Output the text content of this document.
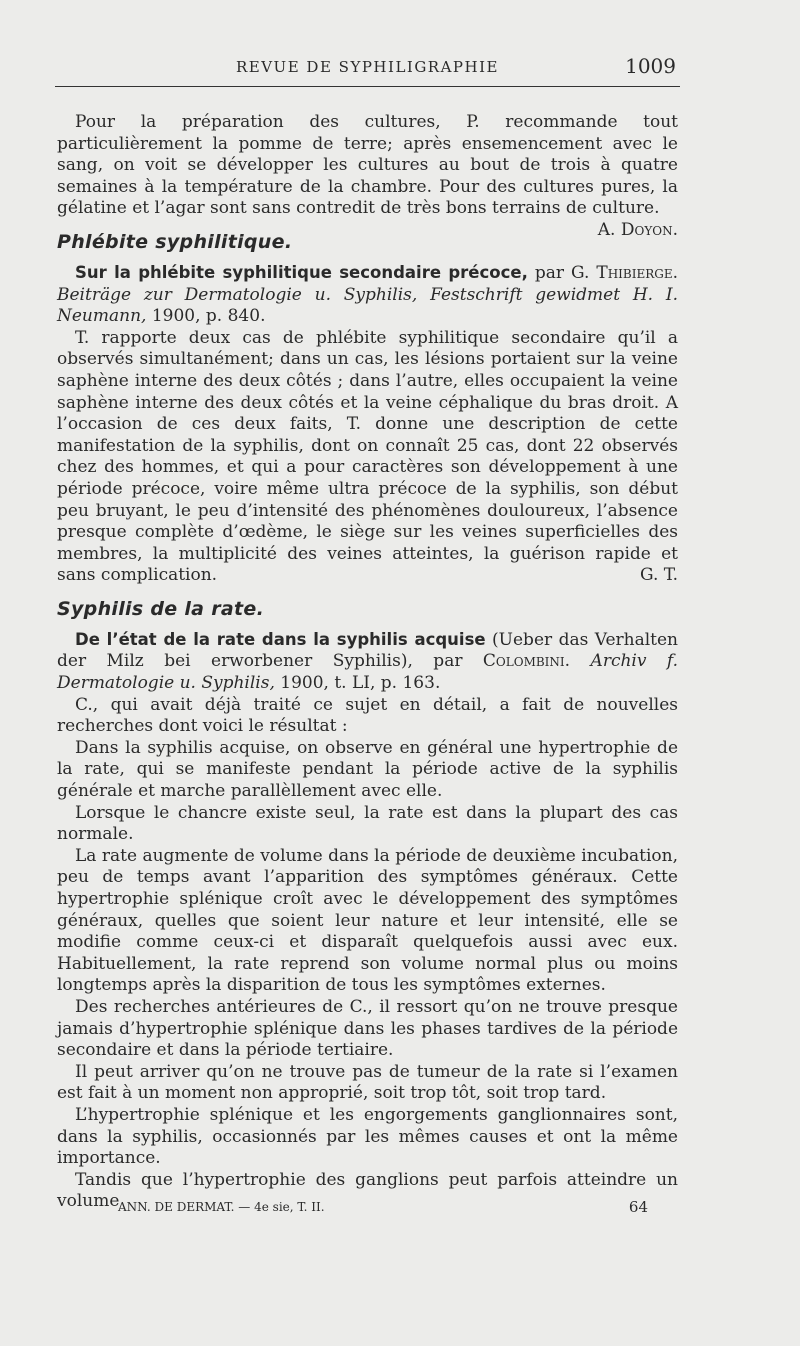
REVUE DE SYPHILIGRAPHIE	1009

Pour la préparation des cultures, P. recommande tout particulièrement la pomme de terre; après ensemencement avec le sang, on voit se développer les cultures au bout de trois à quatre semaines à la température de la chambre. Pour des cultures pures, la gélatine et l’agar sont sans contredit de très bons terrains de culture.
A. Doyon.

Phlébite syphilitique.

Sur la phlébite syphilitique secondaire précoce, par G. Thibierge. Beiträge zur Dermatologie u. Syphilis, Festschrift gewidmet H. I. Neumann, 1900, p. 840.

T. rapporte deux cas de phlébite syphilitique secondaire qu’il a observés simultanément; dans un cas, les lésions portaient sur la veine saphène interne des deux côtés ; dans l’autre, elles occupaient la veine saphène interne des deux côtés et la veine céphalique du bras droit. A l’occasion de ces deux faits, T. donne une description de cette manifestation de la syphilis, dont on connaît 25 cas, dont 22 observés chez des hommes, et qui a pour caractères son développement à une période précoce, voire même ultra précoce de la syphilis, son début peu bruyant, le peu d’intensité des phénomènes douloureux, l’absence presque complète d’œdème, le siège sur les veines superficielles des membres, la multiplicité des veines atteintes, la guérison rapide et sans complication.	G. T.

Syphilis de la rate.

De l’état de la rate dans la syphilis acquise (Ueber das Verhalten der Milz bei erworbener Syphilis), par Colombini. Archiv f. Dermatologie u. Syphilis, 1900, t. LI, p. 163.

C., qui avait déjà traité ce sujet en détail, a fait de nouvelles recherches dont voici le résultat :

Dans la syphilis acquise, on observe en général une hypertrophie de la rate, qui se manifeste pendant la période active de la syphilis générale et marche parallèllement avec elle.

Lorsque le chancre existe seul, la rate est dans la plupart des cas normale.

La rate augmente de volume dans la période de deuxième incubation, peu de temps avant l’apparition des symptômes généraux. Cette hypertrophie splénique croît avec le développement des symptômes généraux, quelles que soient leur nature et leur intensité, elle se modifie comme ceux-ci et disparaît quelquefois aussi avec eux. Habituellement, la rate reprend son volume normal plus ou moins longtemps après la disparition de tous les symptômes externes.

Des recherches antérieures de C., il ressort qu’on ne trouve presque jamais d’hypertrophie splénique dans les phases tardives de la période secondaire et dans la période tertiaire.

Il peut arriver qu’on ne trouve pas de tumeur de la rate si l’examen est fait à un moment non approprié, soit trop tôt, soit trop tard.

L’hypertrophie splénique et les engorgements ganglionnaires sont, dans la syphilis, occasionnés par les mêmes causes et ont la même importance.

Tandis que l’hypertrophie des ganglions peut parfois atteindre un volume

ANN. DE DERMAT. — 4e sie, T. II.	64
